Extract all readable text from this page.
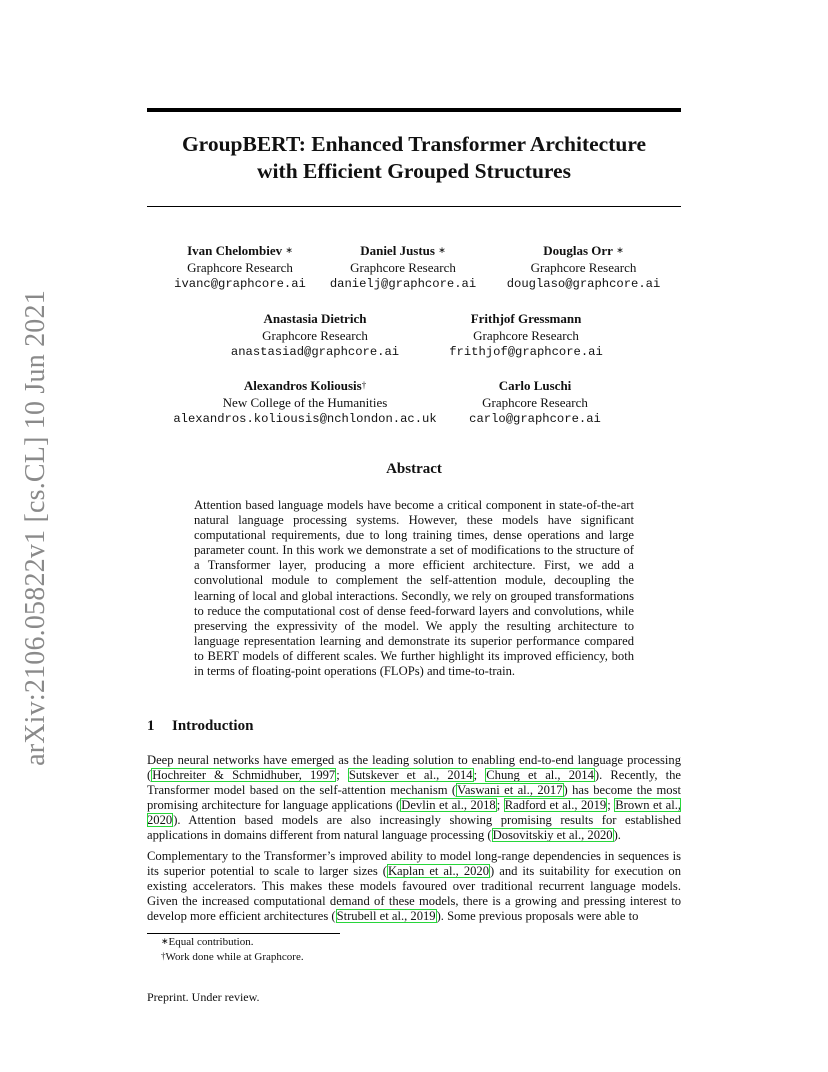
arXiv:2106.05822v1 [cs.CL] 10 Jun 2021
GroupBERT: Enhanced Transformer Architecture
with Efficient Grouped Structures
Ivan Chelombiev ∗
Graphcore Research
ivanc@graphcore.ai
Daniel Justus ∗
Graphcore Research
danielj@graphcore.ai
Douglas Orr ∗
Graphcore Research
douglaso@graphcore.ai
Anastasia Dietrich
Graphcore Research
anastasiad@graphcore.ai
Frithjof Gressmann
Graphcore Research
frithjof@graphcore.ai
Alexandros Koliousis†
New College of the Humanities
alexandros.koliousis@nchlondon.ac.uk
Carlo Luschi
Graphcore Research
carlo@graphcore.ai
Abstract
Attention based language models have become a critical component in state-of-the-art natural language processing systems. However, these models have significant computational requirements, due to long training times, dense operations and large parameter count. In this work we demonstrate a set of modifications to the structure of a Transformer layer, producing a more efficient architecture. First, we add a convolutional module to complement the self-attention module, decoupling the learning of local and global interactions. Secondly, we rely on grouped transformations to reduce the computational cost of dense feed-forward layers and convolutions, while preserving the expressivity of the model. We apply the resulting architecture to language representation learning and demonstrate its superior performance compared to BERT models of different scales. We further highlight its improved efficiency, both in terms of floating-point operations (FLOPs) and time-to-train.
1 Introduction
Deep neural networks have emerged as the leading solution to enabling end-to-end language processing (Hochreiter & Schmidhuber, 1997; Sutskever et al., 2014; Chung et al., 2014). Recently, the Transformer model based on the self-attention mechanism (Vaswani et al., 2017) has become the most promising architecture for language applications (Devlin et al., 2018; Radford et al., 2019; Brown et al., 2020). Attention based models are also increasingly showing promising results for established applications in domains different from natural language processing (Dosovitskiy et al., 2020).
Complementary to the Transformer’s improved ability to model long-range dependencies in sequences is its superior potential to scale to larger sizes (Kaplan et al., 2020) and its suitability for execution on existing accelerators. This makes these models favoured over traditional recurrent language models. Given the increased computational demand of these models, there is a growing and pressing interest to develop more efficient architectures (Strubell et al., 2019). Some previous proposals were able to
∗Equal contribution.
†Work done while at Graphcore.
Preprint. Under review.
